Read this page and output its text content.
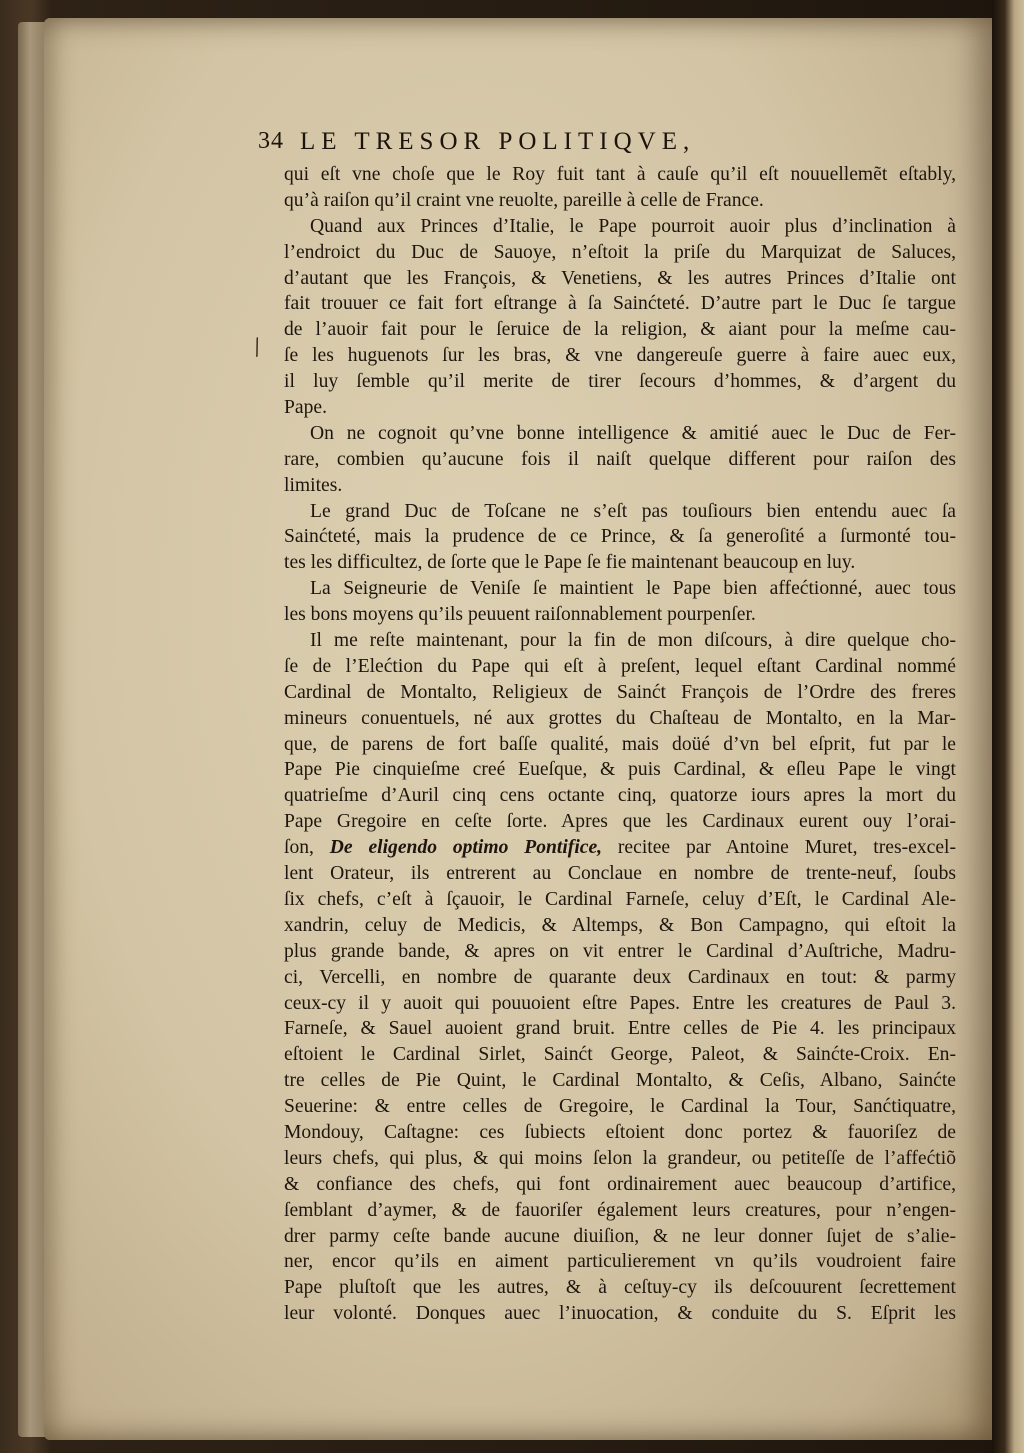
34 LE TRESOR POLITIQVE,
⁄
qui eſt vne choſe que le Roy fuit tant à cauſe qu’il eſt nouuellemẽt eſtably,
qu’à raiſon qu’il craint vne reuolte, pareille à celle de France.
Quand aux Princes d’Italie, le Pape pourroit auoir plus d’inclination à
l’endroict du Duc de Sauoye, n’eſtoit la priſe du Marquizat de Saluces,
d’autant que les François, & Venetiens, & les autres Princes d’Italie ont
fait trouuer ce fait fort eſtrange à ſa Sainćteté. D’autre part le Duc ſe targue
de l’auoir fait pour le ſeruice de la religion, & aiant pour la meſme cau-
ſe les huguenots ſur les bras, & vne dangereuſe guerre à faire auec eux,
il luy ſemble qu’il merite de tirer ſecours d’hommes, & d’argent du
Pape.
On ne cognoit qu’vne bonne intelligence & amitié auec le Duc de Fer-
rare, combien qu’aucune fois il naiſt quelque different pour raiſon des
limites.
Le grand Duc de Toſcane ne s’eſt pas touſiours bien entendu auec ſa
Sainćteté, mais la prudence de ce Prince, & ſa generoſité a ſurmonté tou-
tes les difficultez, de ſorte que le Pape ſe fie maintenant beaucoup en luy.
La Seigneurie de Veniſe ſe maintient le Pape bien affećtionné, auec tous
les bons moyens qu’ils peuuent raiſonnablement pourpenſer.
Il me reſte maintenant, pour la fin de mon diſcours, à dire quelque cho-
ſe de l’Elećtion du Pape qui eſt à preſent, lequel eſtant Cardinal nommé
Cardinal de Montalto, Religieux de Sainćt François de l’Ordre des freres
mineurs conuentuels, né aux grottes du Chaſteau de Montalto, en la Mar-
que, de parens de fort baſſe qualité, mais doüé d’vn bel eſprit, fut par le
Pape Pie cinquieſme creé Eueſque, & puis Cardinal, & eſleu Pape le vingt
quatrieſme d’Auril cinq cens octante cinq, quatorze iours apres la mort du
Pape Gregoire en ceſte ſorte. Apres que les Cardinaux eurent ouy l’orai-
ſon, De eligendo optimo Pontifice, recitee par Antoine Muret, tres-excel-
lent Orateur, ils entrerent au Conclaue en nombre de trente-neuf, ſoubs
ſix chefs, c’eſt à ſçauoir, le Cardinal Farneſe, celuy d’Eſt, le Cardinal Ale-
xandrin, celuy de Medicis, & Altemps, & Bon Campagno, qui eſtoit la
plus grande bande, & apres on vit entrer le Cardinal d’Auſtriche, Madru-
ci, Vercelli, en nombre de quarante deux Cardinaux en tout: & parmy
ceux-cy il y auoit qui pouuoient eſtre Papes. Entre les creatures de Paul 3.
Farneſe, & Sauel auoient grand bruit. Entre celles de Pie 4. les principaux
eſtoient le Cardinal Sirlet, Sainćt George, Paleot, & Sainćte-Croix. En-
tre celles de Pie Quint, le Cardinal Montalto, & Ceſis, Albano, Sainćte
Seuerine: & entre celles de Gregoire, le Cardinal la Tour, Sanćtiquatre,
Mondouy, Caſtagne: ces ſubiects eſtoient donc portez & fauoriſez de
leurs chefs, qui plus, & qui moins ſelon la grandeur, ou petiteſſe de l’affećtiõ
& confiance des chefs, qui font ordinairement auec beaucoup d’artifice,
ſemblant d’aymer, & de fauoriſer également leurs creatures, pour n’engen-
drer parmy ceſte bande aucune diuiſion, & ne leur donner ſujet de s’alie-
ner, encor qu’ils en aiment particulierement vn qu’ils voudroient faire
Pape pluſtoſt que les autres, & à ceſtuy-cy ils deſcouurent ſecrettement
leur volonté. Donques auec l’inuocation, & conduite du S. Eſprit les
